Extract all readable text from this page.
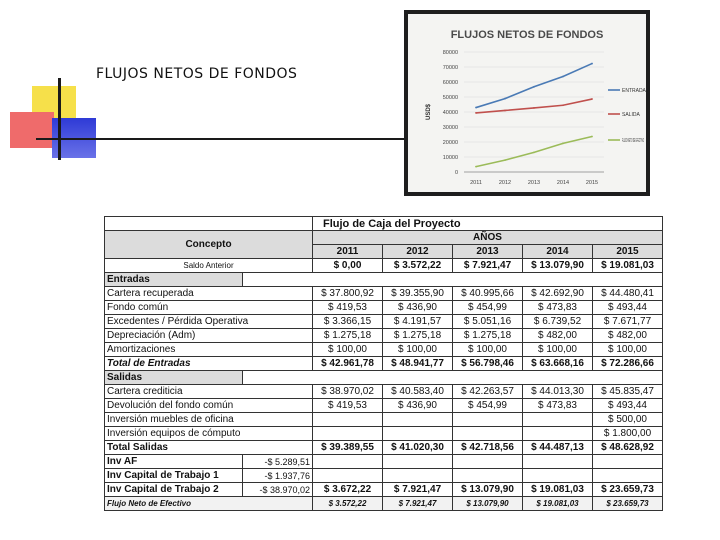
FLUJOS NETOS DE FONDOS
FLUJOS NETOS DE FONDOS
0
10000
20000
30000
40000
50000
60000
70000
80000
USD$
2011	2012	2013	2014	2015
ENTRADA
SALIDA
FLUJO NETO DE EFECTIVO
		Flujo de Caja del Proyecto				
Concepto		AÑOS				
		2011	2012	2013	2014	2015
Saldo Anterior		$ 0,00	$ 3.572,22	$ 7.921,47	$ 13.079,90	$ 19.081,03
Entradas						
Cartera recuperada		$ 37.800,92	$ 39.355,90	$ 40.995,66	$ 42.692,90	$ 44.480,41
Fondo común		$ 419,53	$ 436,90	$ 454,99	$ 473,83	$ 493,44
Excedentes / Pérdida Operativa		$ 3.366,15	$ 4.191,57	$ 5.051,16	$ 6.739,52	$ 7.671,77
Depreciación (Adm)		$ 1.275,18	$ 1.275,18	$ 1.275,18	$ 482,00	$ 482,00
Amortizaciones		$ 100,00	$ 100,00	$ 100,00	$ 100,00	$ 100,00
Total de Entradas		$ 42.961,78	$ 48.941,77	$ 56.798,46	$ 63.668,16	$ 72.286,66
Salidas						
Cartera crediticia		$ 38.970,02	$ 40.583,40	$ 42.263,57	$ 44.013,30	$ 45.835,47
Devolución del fondo común		$ 419,53	$ 436,90	$ 454,99	$ 473,83	$ 493,44
Inversión muebles de oficina						$ 500,00
Inversión equipos de cómputo						$ 1.800,00
Total Salidas		$ 39.389,55	$ 41.020,30	$ 42.718,56	$ 44.487,13	$ 48.628,92
Inv AF	-$ 5.289,51					
Inv Capital de Trabajo 1	-$ 1.937,76					
Inv Capital de Trabajo 2	-$ 38.970,02	$ 3.672,22	$ 7.921,47	$ 13.079,90	$ 19.081,03	$ 23.659,73
Flujo Neto de Efectivo		$ 3.572,22	$ 7.921,47	$ 13.079,90	$ 19.081,03	$ 23.659,73
